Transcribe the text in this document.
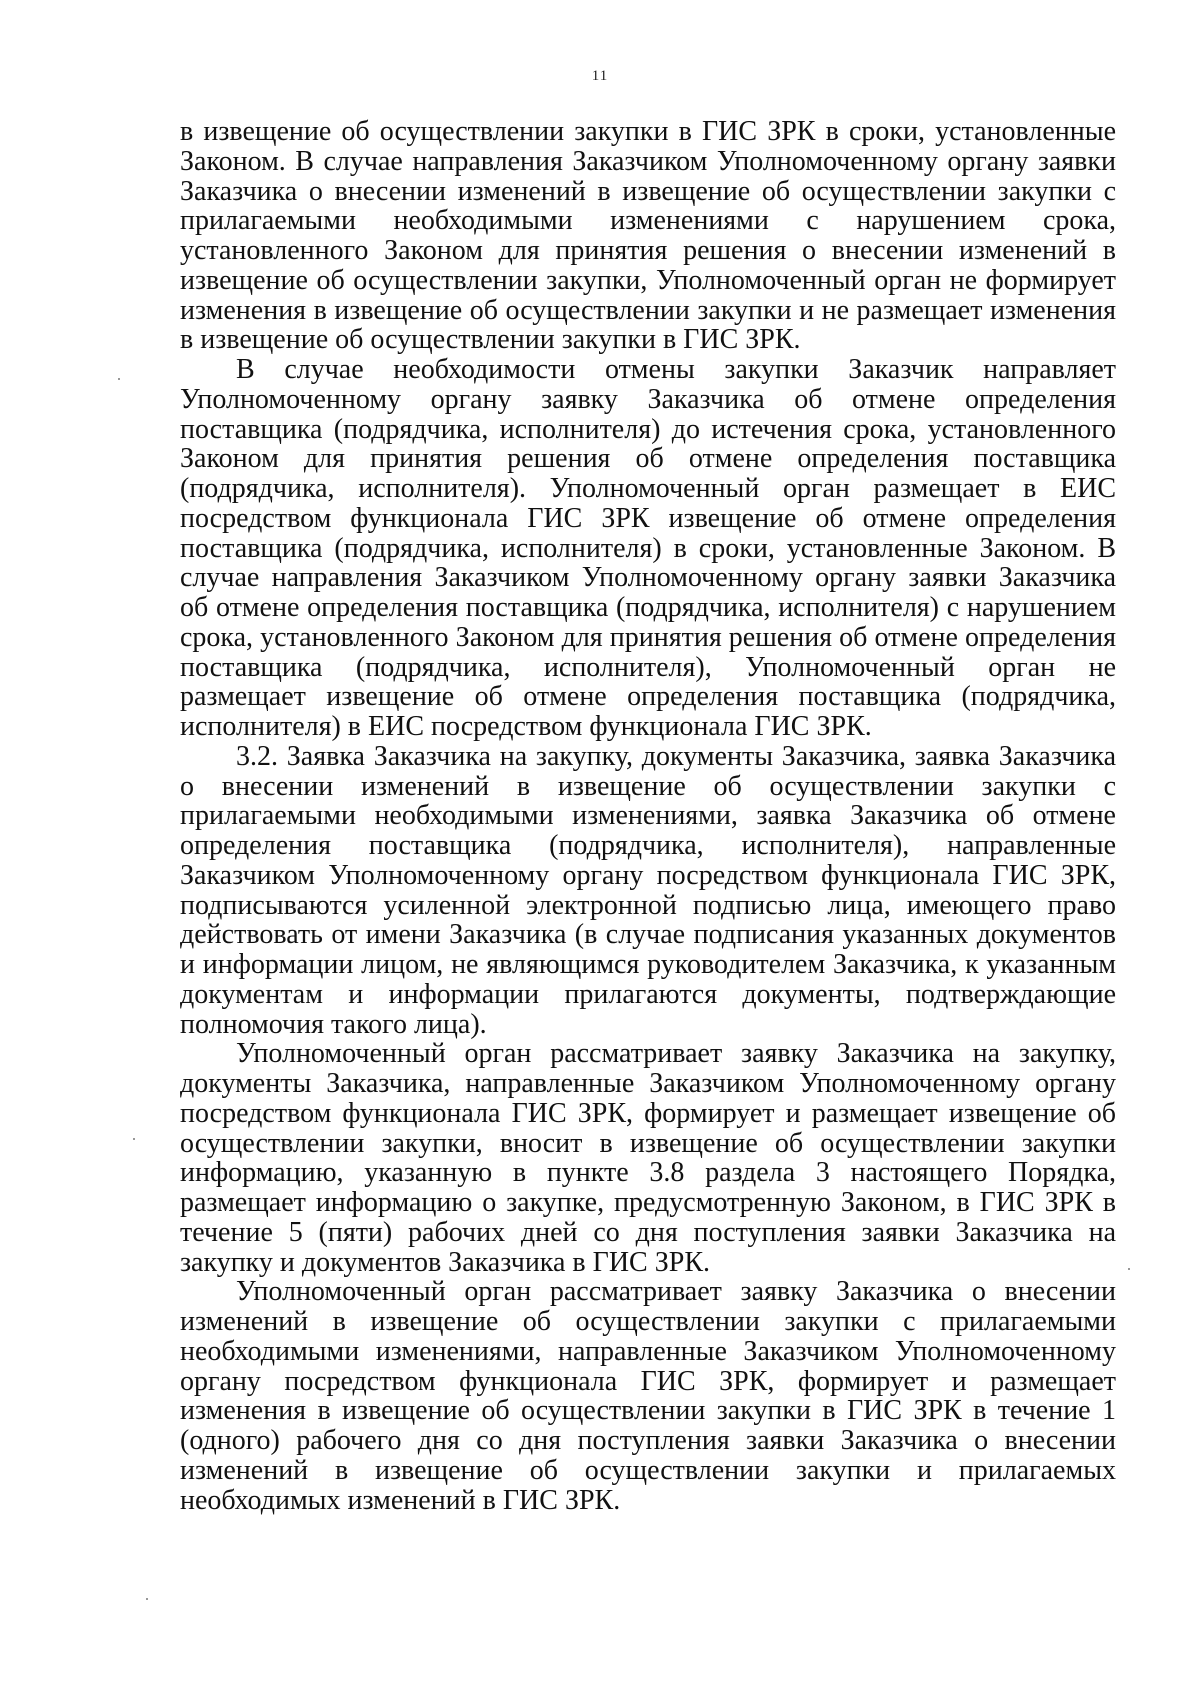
11

в извещение об осуществлении закупки в ГИС ЗРК в сроки, установленные Законом. В случае направления Заказчиком Уполномоченному органу заявки Заказчика о внесении изменений в извещение об осуществлении закупки с прилагаемыми необходимыми изменениями с нарушением срока, установленного Законом для принятия решения о внесении изменений в извещение об осуществлении закупки, Уполномоченный орган не формирует изменения в извещение об осуществлении закупки и не размещает изменения в извещение об осуществлении закупки в ГИС ЗРК.

В случае необходимости отмены закупки Заказчик направляет Уполномоченному органу заявку Заказчика об отмене определения поставщика (подрядчика, исполнителя) до истечения срока, установленного Законом для принятия решения об отмене определения поставщика (подрядчика, исполнителя). Уполномоченный орган размещает в ЕИС посредством функционала ГИС ЗРК извещение об отмене определения поставщика (подрядчика, исполнителя) в сроки, установленные Законом. В случае направления Заказчиком Уполномоченному органу заявки Заказчика об отмене определения поставщика (подрядчика, исполнителя) с нарушением срока, установленного Законом для принятия решения об отмене определения поставщика (подрядчика, исполнителя), Уполномоченный орган не размещает извещение об отмене определения поставщика (подрядчика, исполнителя) в ЕИС посредством функционала ГИС ЗРК.

3.2. Заявка Заказчика на закупку, документы Заказчика, заявка Заказчика о внесении изменений в извещение об осуществлении закупки с прилагаемыми необходимыми изменениями, заявка Заказчика об отмене определения поставщика (подрядчика, исполнителя), направленные Заказчиком Уполномоченному органу посредством функционала ГИС ЗРК, подписываются усиленной электронной подписью лица, имеющего право действовать от имени Заказчика (в случае подписания указанных документов и информации лицом, не являющимся руководителем Заказчика, к указанным документам и информации прилагаются документы, подтверждающие полномочия такого лица).

Уполномоченный орган рассматривает заявку Заказчика на закупку, документы Заказчика, направленные Заказчиком Уполномоченному органу посредством функционала ГИС ЗРК, формирует и размещает извещение об осуществлении закупки, вносит в извещение об осуществлении закупки информацию, указанную в пункте 3.8 раздела 3 настоящего Порядка, размещает информацию о закупке, предусмотренную Законом, в ГИС ЗРК в течение 5 (пяти) рабочих дней со дня поступления заявки Заказчика на закупку и документов Заказчика в ГИС ЗРК.

Уполномоченный орган рассматривает заявку Заказчика о внесении изменений в извещение об осуществлении закупки с прилагаемыми необходимыми изменениями, направленные Заказчиком Уполномоченному органу посредством функционала ГИС ЗРК, формирует и размещает изменения в извещение об осуществлении закупки в ГИС ЗРК в течение 1 (одного) рабочего дня со дня поступления заявки Заказчика о внесении изменений в извещение об осуществлении закупки и прилагаемых необходимых изменений в ГИС ЗРК.
